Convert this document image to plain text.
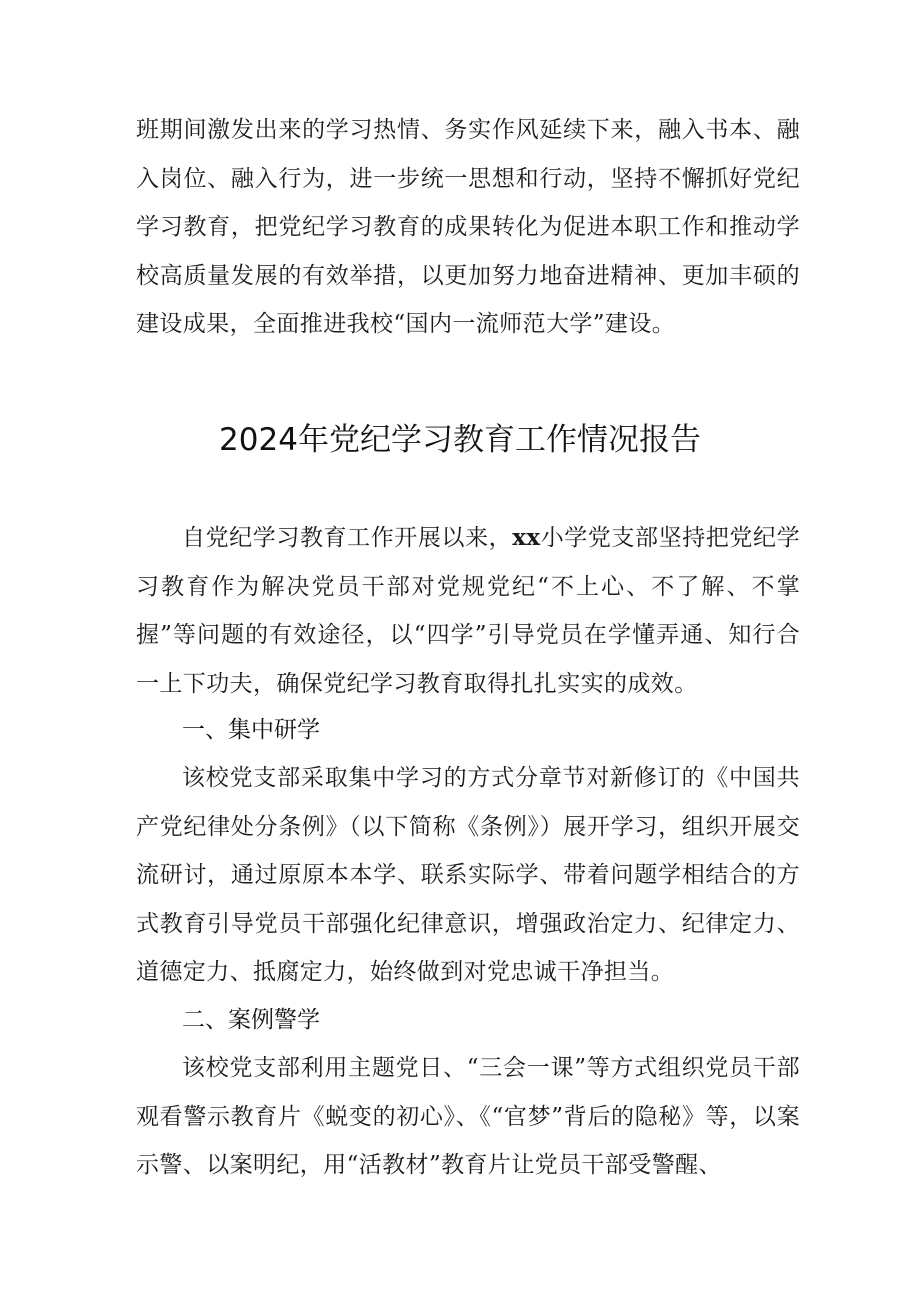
班期间激发出来的学习热情、务实作风延续下来，融入书本、融入岗位、融入行为，进一步统一思想和行动，坚持不懈抓好党纪学习教育，把党纪学习教育的成果转化为促进本职工作和推动学校高质量发展的有效举措，以更加努力地奋进精神、更加丰硕的建设成果，全面推进我校“国内一流师范大学”建设。

2024年党纪学习教育工作情况报告

自党纪学习教育工作开展以来，xx小学党支部坚持把党纪学习教育作为解决党员干部对党规党纪“不上心、不了解、不掌握”等问题的有效途径，以“四学”引导党员在学懂弄通、知行合一上下功夫，确保党纪学习教育取得扎扎实实的成效。

一、集中研学

该校党支部采取集中学习的方式分章节对新修订的《中国共产党纪律处分条例》（以下简称《条例》）展开学习，组织开展交流研讨，通过原原本本学、联系实际学、带着问题学相结合的方式教育引导党员干部强化纪律意识，增强政治定力、纪律定力、道德定力、抵腐定力，始终做到对党忠诚干净担当。

二、案例警学

该校党支部利用主题党日、“三会一课”等方式组织党员干部观看警示教育片《蜕变的初心》、《“官梦”背后的隐秘》等，以案示警、以案明纪，用“活教材”教育片让党员干部受警醒、
